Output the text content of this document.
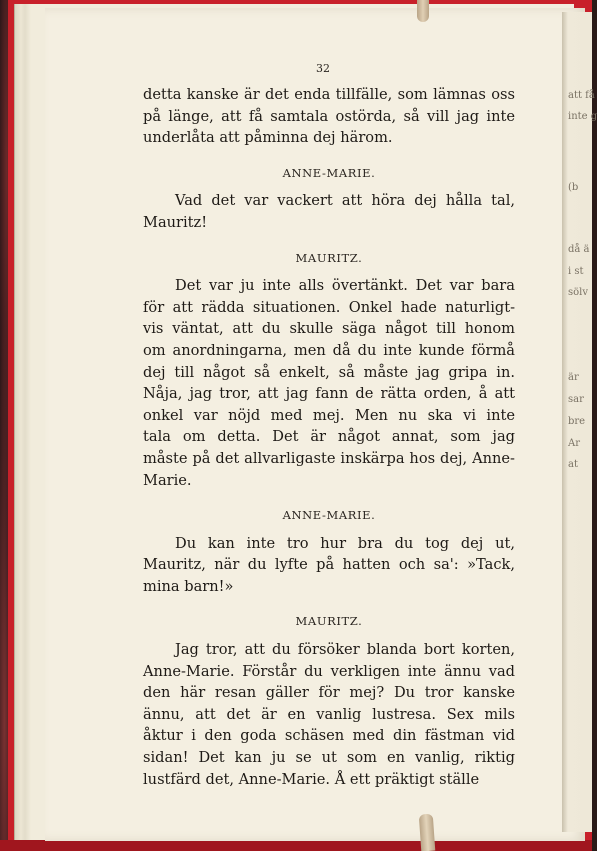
att få
inte g
(b
då ä
i st
sölv
är
sar
bre
Ar
at
32
detta kanske är det enda tillfälle, som lämnas oss
på länge, att få samtala ostörda, så vill jag inte
underlåta att påminna dej härom.
ANNE-MARIE.
Vad det var vackert att höra dej hålla tal,
Mauritz!
MAURITZ.
Det var ju inte alls övertänkt. Det var bara
för att rädda situationen. Onkel hade naturligt-
vis väntat, att du skulle säga något till honom
om anordningarna, men då du inte kunde förmå
dej till något så enkelt, så måste jag gripa in.
Nåja, jag tror, att jag fann de rätta orden, å att
onkel var nöjd med mej. Men nu ska vi inte
tala om detta. Det är något annat, som jag
måste på det allvarligaste inskärpa hos dej, Anne-
Marie.
ANNE-MARIE.
Du kan inte tro hur bra du tog dej ut,
Mauritz, när du lyfte på hatten och sa': »Tack,
mina barn!»
MAURITZ.
Jag tror, att du försöker blanda bort korten,
Anne-Marie. Förstår du verkligen inte ännu vad
den här resan gäller för mej? Du tror kanske
ännu, att det är en vanlig lustresa. Sex mils
åktur i den goda schäsen med din fästman vid
sidan! Det kan ju se ut som en vanlig, riktig
lustfärd det, Anne-Marie. Å ett präktigt ställe
